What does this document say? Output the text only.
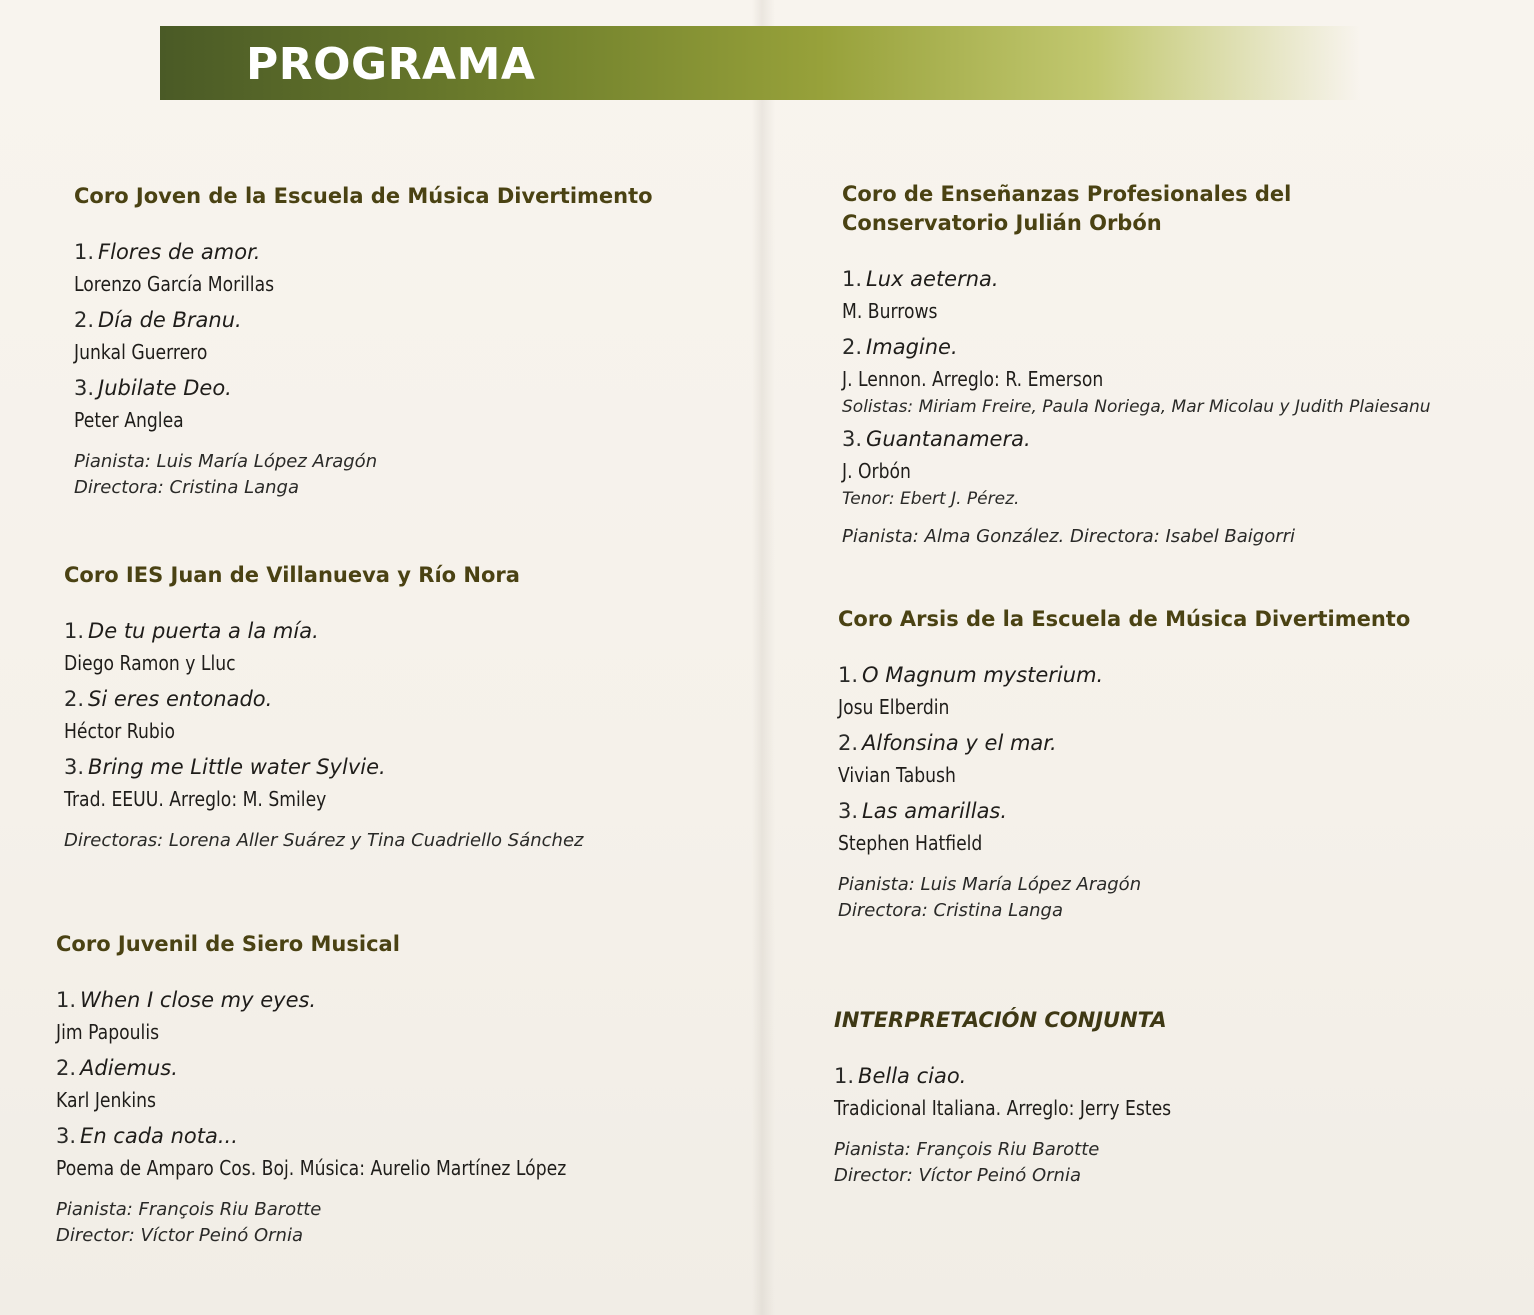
PROGRAMA

Coro Joven de la Escuela de Música Divertimento

1. Flores de amor.

Lorenzo García Morillas

2. Día de Branu.

Junkal Guerrero

3. Jubilate Deo.

Peter Anglea

Pianista: Luis María López Aragón

Directora: Cristina Langa

Coro IES Juan de Villanueva y Río Nora

1. De tu puerta a la mía.

Diego Ramon y Lluc

2. Si eres entonado.

Héctor Rubio

3. Bring me Little water Sylvie.

Trad. EEUU. Arreglo: M. Smiley

Directoras: Lorena Aller Suárez y Tina Cuadriello Sánchez

Coro Juvenil de Siero Musical

1. When I close my eyes.

Jim Papoulis

2. Adiemus.

Karl Jenkins

3. En cada nota...

Poema de Amparo Cos. Boj. Música: Aurelio Martínez López

Pianista: François Riu Barotte

Director: Víctor Peinó Ornia

Coro de Enseñanzas Profesionales del
Conservatorio Julián Orbón

1. Lux aeterna.

M. Burrows

2. Imagine.

J. Lennon. Arreglo: R. Emerson

Solistas: Miriam Freire, Paula Noriega, Mar Micolau y Judith Plaiesanu

3. Guantanamera.

J. Orbón

Tenor: Ebert J. Pérez.

Pianista: Alma González. Directora: Isabel Baigorri

Coro Arsis de la Escuela de Música Divertimento

1. O Magnum mysterium.

Josu Elberdin

2. Alfonsina y el mar.

Vivian Tabush

3. Las amarillas.

Stephen Hatfield

Pianista: Luis María López Aragón

Directora: Cristina Langa

INTERPRETACIÓN CONJUNTA

1. Bella ciao.

Tradicional Italiana. Arreglo: Jerry Estes

Pianista: François Riu Barotte

Director: Víctor Peinó Ornia
